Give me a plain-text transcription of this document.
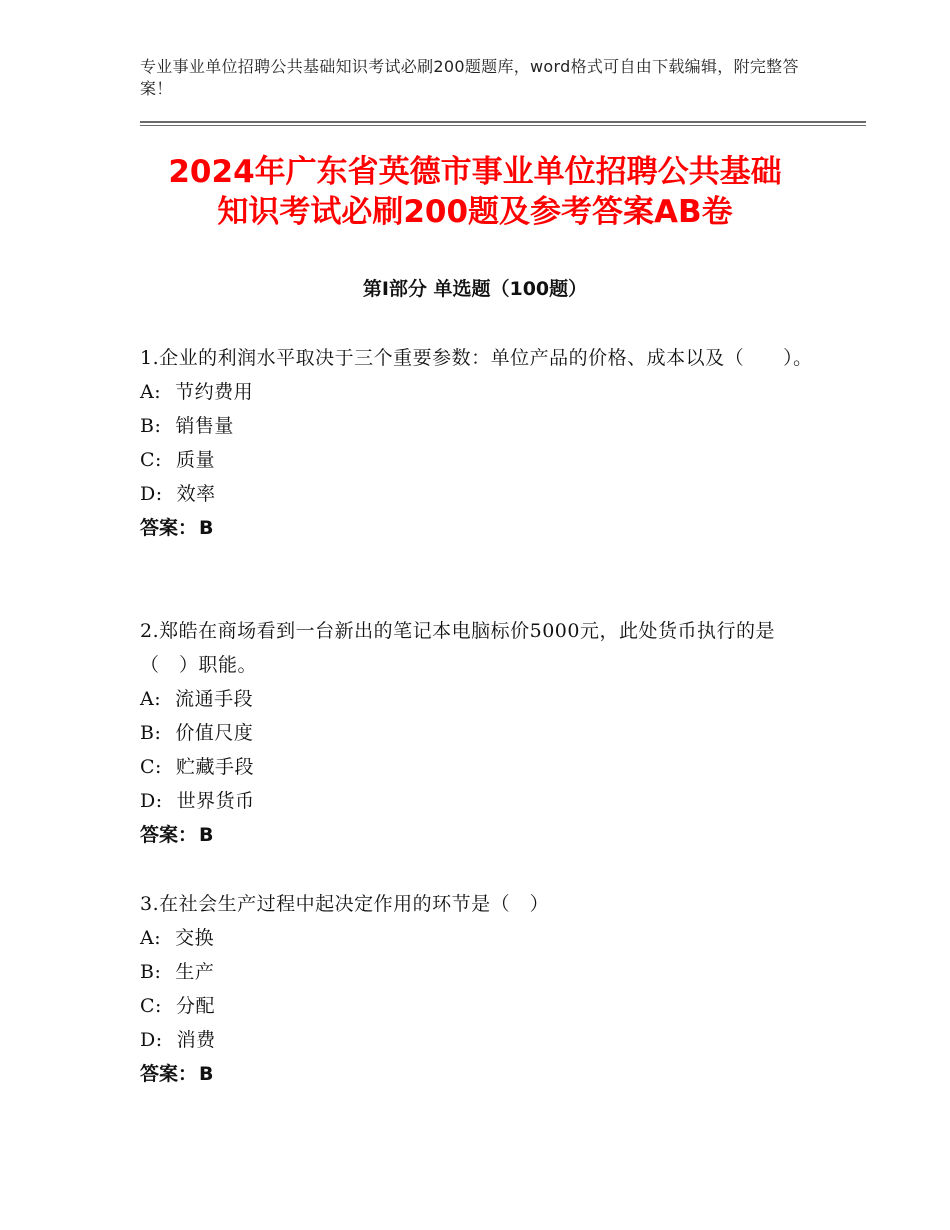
专业事业单位招聘公共基础知识考试必刷200题题库，word格式可自由下载编辑，附完整答案！
2024年广东省英德市事业单位招聘公共基础
知识考试必刷200题及参考答案AB卷
第Ⅰ部分 单选题（100题）

1.企业的利润水平取决于三个重要参数：单位产品的价格、成本以及（　　）。

A: 节约费用
B: 销售量
C: 质量
D: 效率
答案： B

2.郑皓在商场看到一台新出的笔记本电脑标价5000元，此处货币执行的是（　）职能。

A: 流通手段
B: 价值尺度
C: 贮藏手段
D: 世界货币
答案： B

3.在社会生产过程中起决定作用的环节是（　）

A: 交换
B: 生产
C: 分配
D: 消费
答案： B
